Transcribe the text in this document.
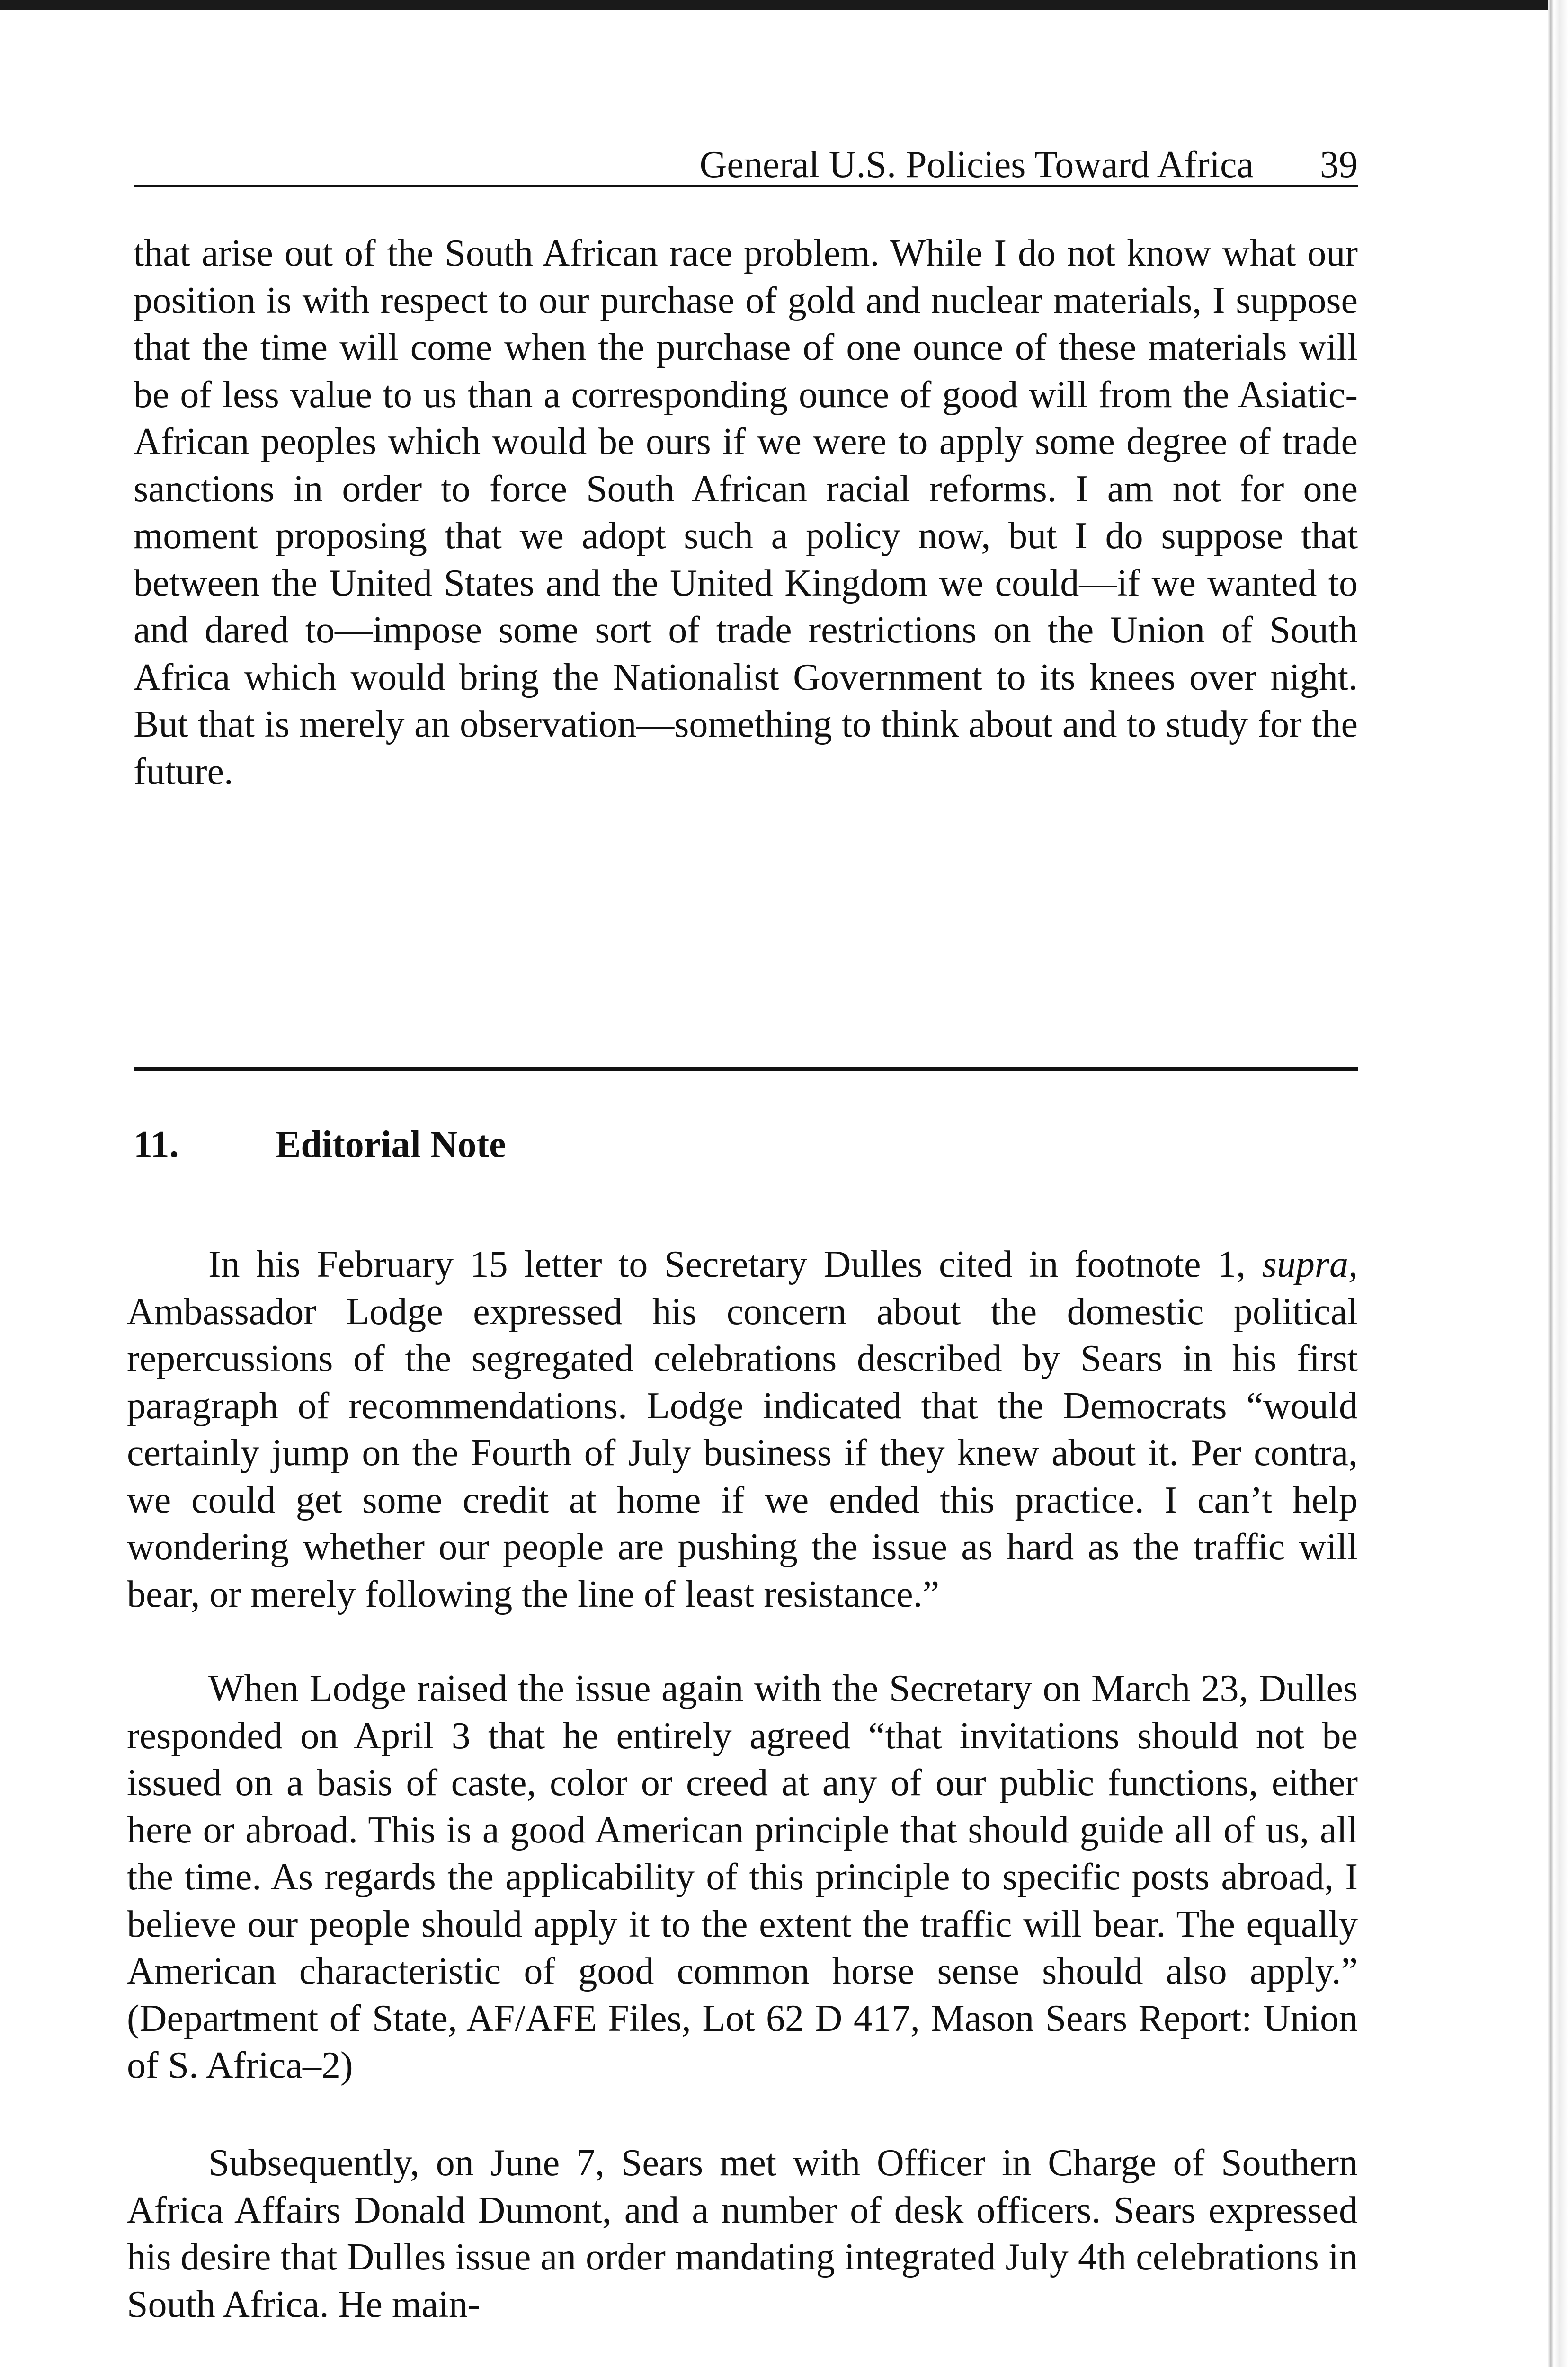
General U.S. Policies Toward Africa 39

that arise out of the South African race problem. While I do not know what our position is with respect to our purchase of gold and nuclear materials, I suppose that the time will come when the purchase of one ounce of these materials will be of less value to us than a corresponding ounce of good will from the Asiatic-African peoples which would be ours if we were to apply some degree of trade sanctions in order to force South African racial reforms. I am not for one moment proposing that we adopt such a policy now, but I do suppose that between the United States and the United Kingdom we could—if we wanted to and dared to—impose some sort of trade restrictions on the Union of South Africa which would bring the Nationalist Government to its knees over night. But that is merely an observation—something to think about and to study for the future.

11.	Editorial Note

In his February 15 letter to Secretary Dulles cited in footnote 1, supra, Ambassador Lodge expressed his concern about the domestic political repercussions of the segregated celebrations described by Sears in his first paragraph of recommendations. Lodge indicated that the Democrats “would certainly jump on the Fourth of July business if they knew about it. Per contra, we could get some credit at home if we ended this practice. I can’t help wondering whether our people are pushing the issue as hard as the traffic will bear, or merely following the line of least resistance.”

When Lodge raised the issue again with the Secretary on March 23, Dulles responded on April 3 that he entirely agreed “that invitations should not be issued on a basis of caste, color or creed at any of our public functions, either here or abroad. This is a good American principle that should guide all of us, all the time. As regards the applicability of this principle to specific posts abroad, I believe our people should apply it to the extent the traffic will bear. The equally American characteristic of good common horse sense should also apply.” (Department of State, AF/AFE Files, Lot 62 D 417, Mason Sears Report: Union of S. Africa–2)

Subsequently, on June 7, Sears met with Officer in Charge of Southern Africa Affairs Donald Dumont, and a number of desk officers. Sears expressed his desire that Dulles issue an order mandating integrated July 4th celebrations in South Africa. He main-
